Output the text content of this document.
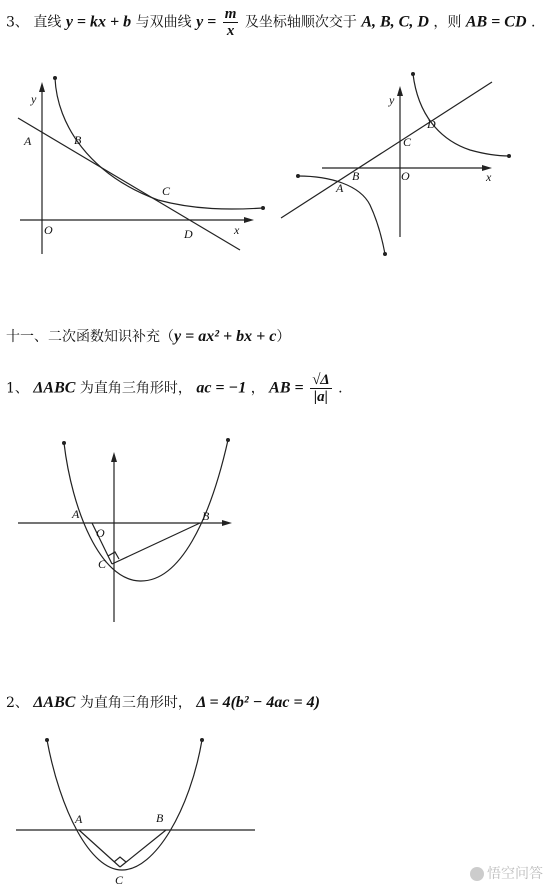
3、 直线 y = kx + b 与双曲线 $y = \frac{m}{x}$ 及坐标轴顺次交于 A, B, C, D ，则 AB = CD .
y
A	B
C
O	D	x
y
D
C
B	O
A
x
十一、二次函数知识补充（y = ax² + bx + c）
1、 ΔABC 为直角三角形时， ac = −1 ， AB = $\frac{√\Delta}{|a|}$ .
A
O
B
C
2、 ΔABC 为直角三角形时， Δ = 4(b² − 4ac = 4)
A	B
C	悟空问答
